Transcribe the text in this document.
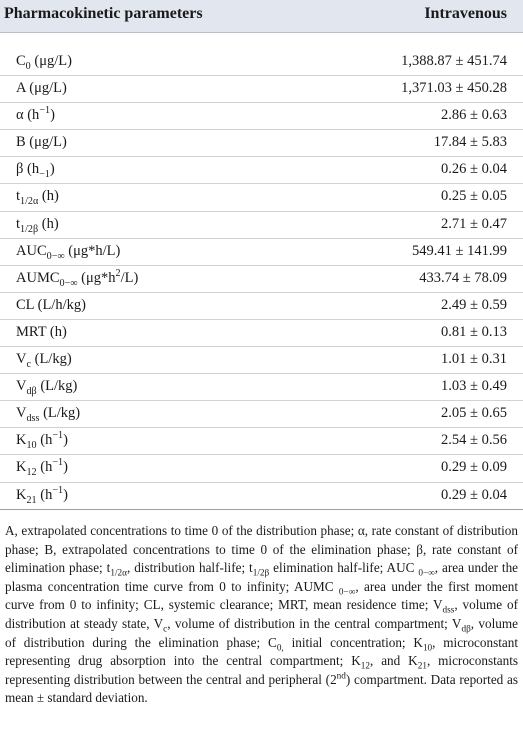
Pharmacokinetic parameters	Intravenous
$C_0$ (μg/L)	1,388.87 ± 451.74
A (μg/L)	1,371.03 ± 450.28
α $(h^{-1})$	2.86 ± 0.63
B (μg/L)	17.84 ± 5.83
β $(h_{-1})$	0.26 ± 0.04
$t_{1/2\alpha}$ (h)	0.25 ± 0.05
$t_{1/2\beta}$ (h)	2.71 ± 0.47
$AUC_{0-\infty}$ (μg*h/L)	549.41 ± 141.99
$AUMC_{0-\infty}$ $(\mu g*h^2/L)$	433.74 ± 78.09
CL (L/h/kg)	2.49 ± 0.59
MRT (h)	0.81 ± 0.13
$V_c$ (L/kg)	1.01 ± 0.31
$V_{d\beta}$ (L/kg)	1.03 ± 0.49
$V_{dss}$ (L/kg)	2.05 ± 0.65
$K_{10}$ $(h^{-1})$	2.54 ± 0.56
$K_{12}$ $(h^{-1})$	0.29 ± 0.09
$K_{21}$ $(h^{-1})$	0.29 ± 0.04
A, extrapolated concentrations to time 0 of the distribution phase; α, rate constant of distribution phase; B, extrapolated concentrations to time 0 of the elimination phase; β, rate constant of elimination phase; $t_{1/2\alpha}$, distribution half-life; $t_{1/2\beta}$ elimination half-life; AUC $_{0-\infty}$, area under the plasma concentration time curve from 0 to infinity; AUMC $_{0-\infty}$, area under the first moment curve from 0 to infinity; CL, systemic clearance; MRT, mean residence time; $V_{dss}$, volume of distribution at steady state, $V_c$, volume of distribution in the central compartment; $V_{d\beta}$, volume of distribution during the elimination phase; $C_{0,}$ initial concentration; $K_{10}$, microconstant representing drug absorption into the central compartment; $K_{12}$, and $K_{21}$, microconstants representing distribution between the central and peripheral (2nd) compartment. Data reported as mean ± standard deviation.
